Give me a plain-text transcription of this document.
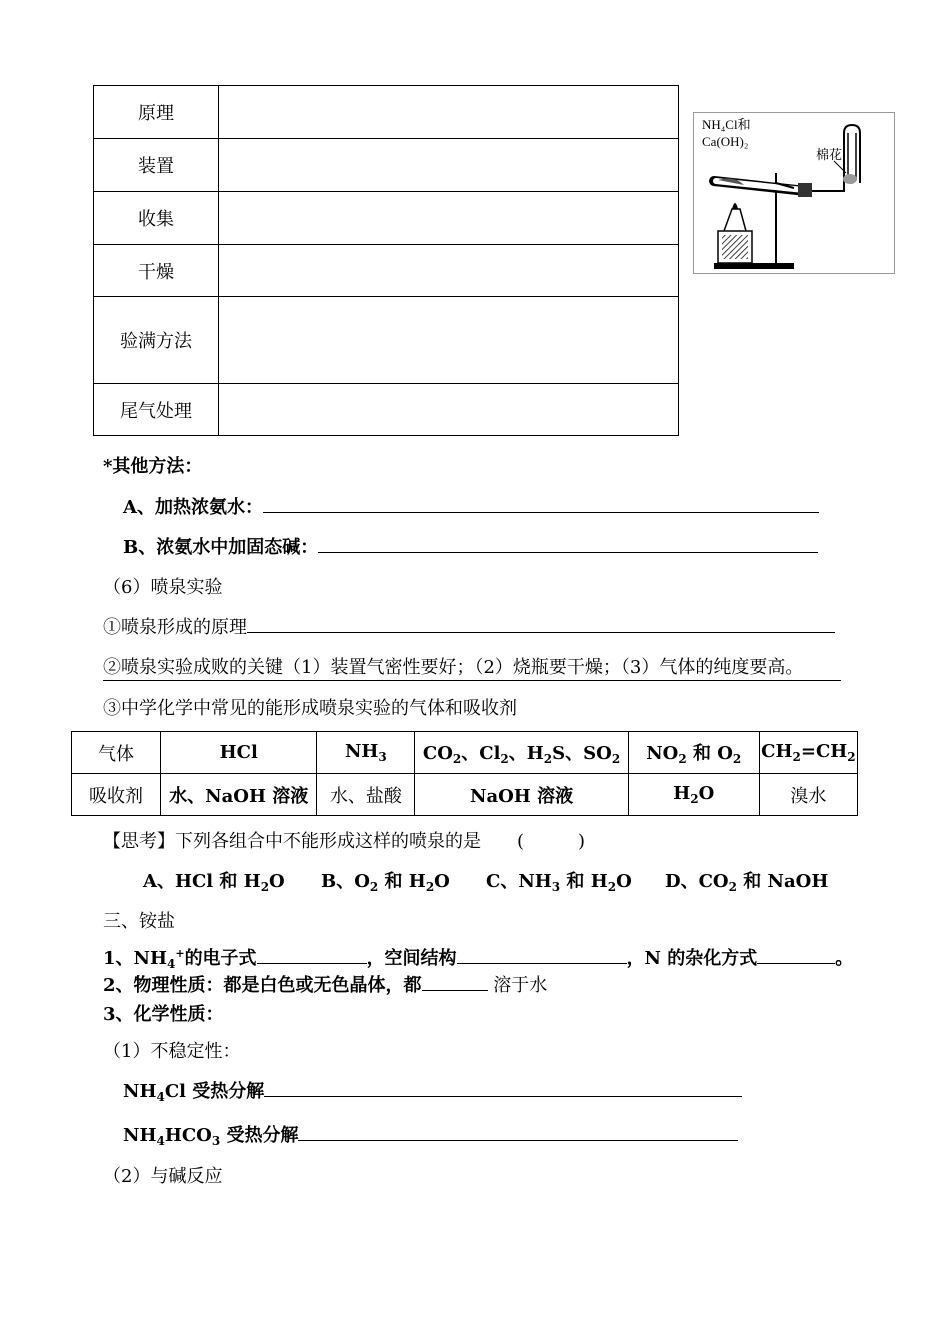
原理	
装置	
收集	
干燥	
验满方法	
尾气处理	
NH₄Cl和
Ca(OH)₂
棉花
*其他方法：
A、加热浓氨水：
B、浓氨水中加固态碱：
（6）喷泉实验
①喷泉形成的原理
②喷泉实验成败的关键（1）装置气密性要好；（2）烧瓶要干燥；（3）气体的纯度要高。
③中学化学中常见的能形成喷泉实验的气体和吸收剂
气体	HCl	$NH_3$	$CO_2$、$Cl_2$、$H_2S$、$SO_2$	$NO_2$ 和 $O_2$	$CH_2=CH_2$
吸收剂	水、NaOH 溶液	水、盐酸	NaOH 溶液	$H_2O$	溴水
【思考】下列各组合中不能形成这样的喷泉的是　　(　　　)
A、HCl 和 $H_2O$ B、$O_2$ 和 $H_2O$ C、$NH_3$ 和 $H_2O$ D、$CO_2$ 和 NaOH
三、铵盐
1、$NH_4^+$的电子式	，空间结构	，N 的杂化方式	。
2、物理性质：都是白色或无色晶体，都	溶于水
3、化学性质：
（1）不稳定性：
$NH_4Cl$ 受热分解
$NH_4HCO_3$ 受热分解
（2）与碱反应
